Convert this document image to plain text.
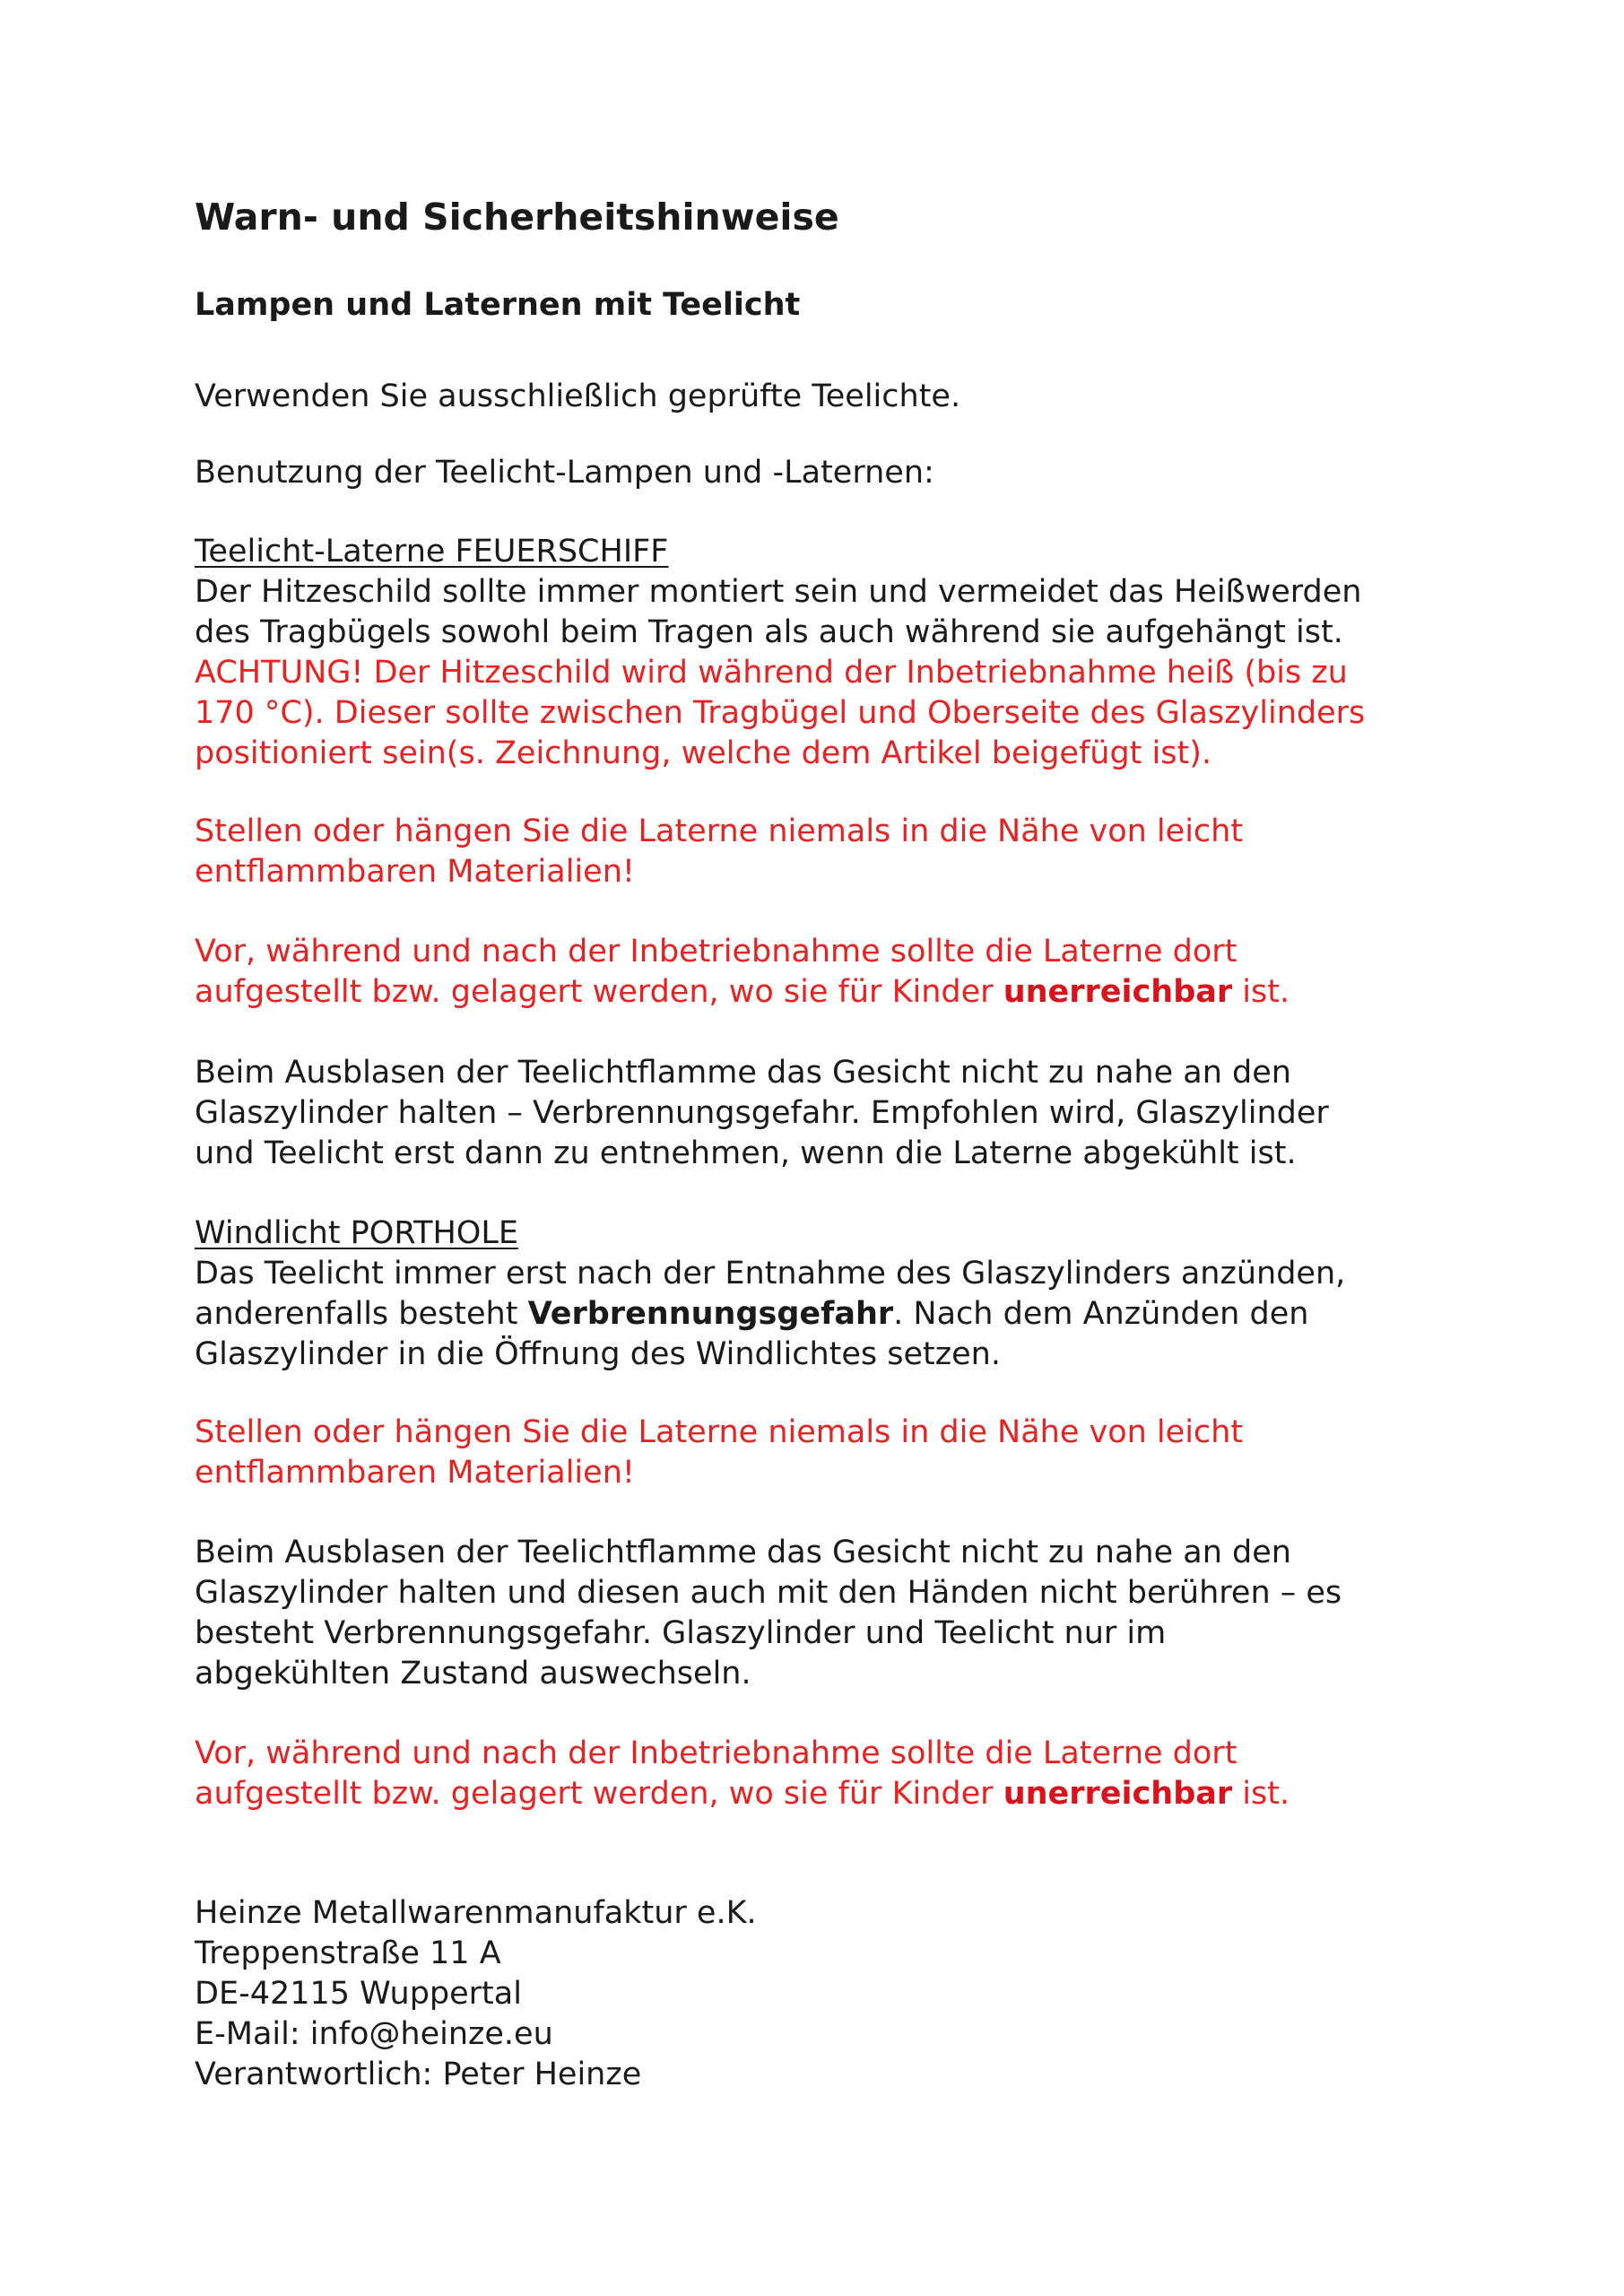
Warn- und Sicherheitshinweise
Lampen und Laternen mit Teelicht

Verwenden Sie ausschließlich geprüfte Teelichte.

Benutzung der Teelicht-Lampen und -Laternen:

Teelicht-Laterne FEUERSCHIFF
Der Hitzeschild sollte immer montiert sein und vermeidet das Heißwerden
des Tragbügels sowohl beim Tragen als auch während sie aufgehängt ist.
ACHTUNG! Der Hitzeschild wird während der Inbetriebnahme heiß (bis zu
170 °C). Dieser sollte zwischen Tragbügel und Oberseite des Glaszylinders
positioniert sein(s. Zeichnung, welche dem Artikel beigefügt ist).

Stellen oder hängen Sie die Laterne niemals in die Nähe von leicht
entflammbaren Materialien!

Vor, während und nach der Inbetriebnahme sollte die Laterne dort
aufgestellt bzw. gelagert werden, wo sie für Kinder unerreichbar ist.

Beim Ausblasen der Teelichtflamme das Gesicht nicht zu nahe an den
Glaszylinder halten – Verbrennungsgefahr. Empfohlen wird, Glaszylinder
und Teelicht erst dann zu entnehmen, wenn die Laterne abgekühlt ist.

Windlicht PORTHOLE
Das Teelicht immer erst nach der Entnahme des Glaszylinders anzünden,
anderenfalls besteht Verbrennungsgefahr. Nach dem Anzünden den
Glaszylinder in die Öffnung des Windlichtes setzen.

Stellen oder hängen Sie die Laterne niemals in die Nähe von leicht
entflammbaren Materialien!

Beim Ausblasen der Teelichtflamme das Gesicht nicht zu nahe an den
Glaszylinder halten und diesen auch mit den Händen nicht berühren – es
besteht Verbrennungsgefahr. Glaszylinder und Teelicht nur im
abgekühlten Zustand auswechseln.

Vor, während und nach der Inbetriebnahme sollte die Laterne dort
aufgestellt bzw. gelagert werden, wo sie für Kinder unerreichbar ist.

Heinze Metallwarenmanufaktur e.K.
Treppenstraße 11 A
DE-42115 Wuppertal
E-Mail: info@heinze.eu
Verantwortlich: Peter Heinze
